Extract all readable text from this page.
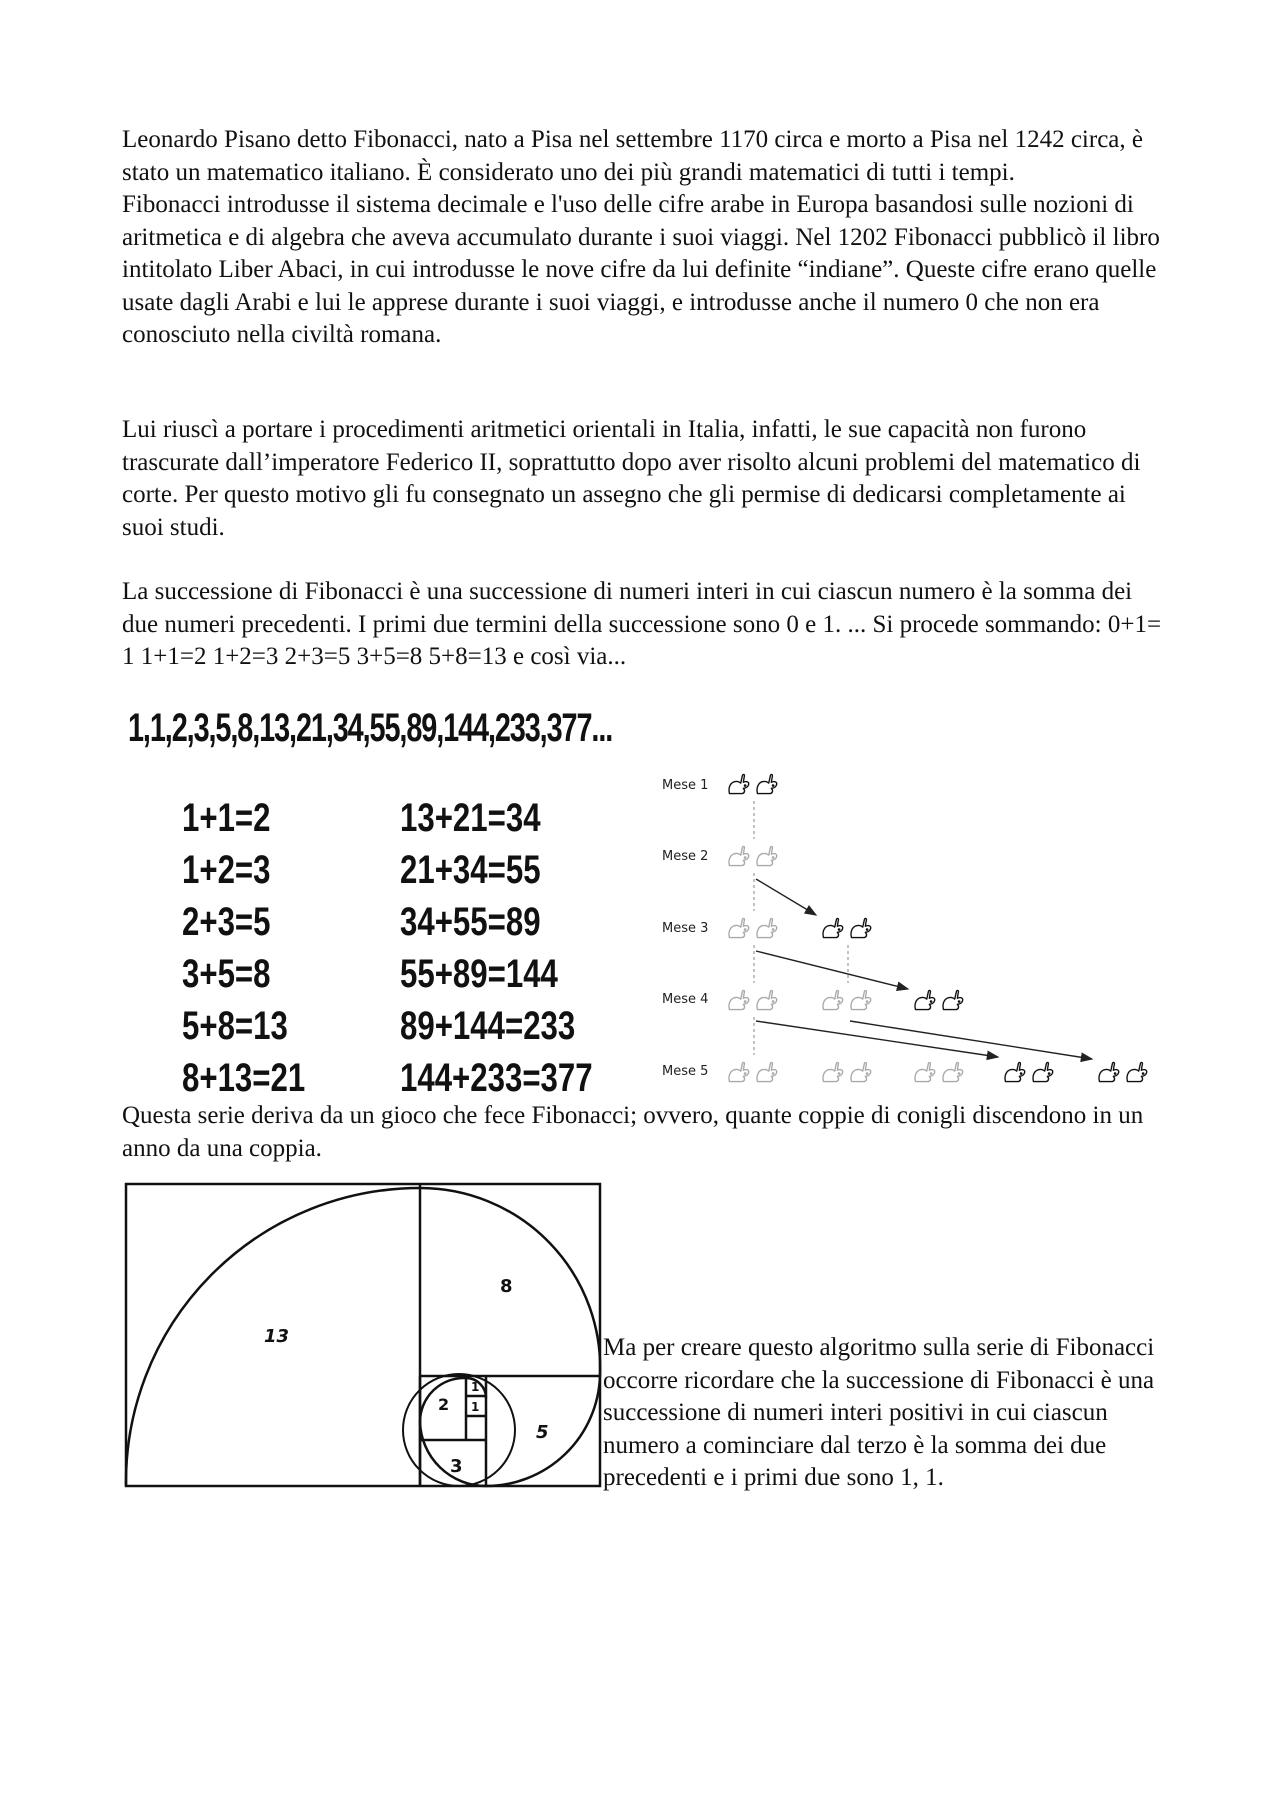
Leonardo Pisano detto Fibonacci, nato a Pisa nel settembre 1170 circa e morto a Pisa nel 1242 circa, è stato un matematico italiano. È considerato uno dei più grandi matematici di tutti i tempi.
Fibonacci introdusse il sistema decimale e l'uso delle cifre arabe in Europa basandosi sulle nozioni di aritmetica e di algebra che aveva accumulato durante i suoi viaggi. Nel 1202 Fibonacci pubblicò il libro intitolato Liber Abaci, in cui introdusse le nove cifre da lui definite “indiane”. Queste cifre erano quelle usate dagli Arabi e lui le apprese durante i suoi viaggi, e introdusse anche il numero 0 che non era conosciuto nella civiltà romana.

Lui riuscì a portare i procedimenti aritmetici orientali in Italia, infatti, le sue capacità non furono trascurate dall’imperatore Federico II, soprattutto dopo aver risolto alcuni problemi del matematico di corte. Per questo motivo gli fu consegnato un assegno che gli permise di dedicarsi completamente ai suoi studi.

La successione di Fibonacci è una successione di numeri interi in cui ciascun numero è la somma dei due numeri precedenti. I primi due termini della successione sono 0 e 1. ... Si procede sommando: 0+1= 1 1+1=2 1+2=3 2+3=5 3+5=8 5+8=13 e così via...

1,1,2,3,5,8,13,21,34,55,89,144,233,377...
1+1=2
1+2=3
2+3=5
3+5=8
5+8=13
8+13=21
13+21=34
21+34=55
34+55=89
55+89=144
89+144=233
144+233=377
Mese 1
Mese 2
Mese 3
Mese 4
Mese 5

Questa serie deriva da un gioco che fece Fibonacci; ovvero, quante coppie di conigli discendono in un anno da una coppia.

13
8
5
3
2
1
1

Ma per creare questo algoritmo sulla serie di Fibonacci occorre ricordare che la successione di Fibonacci è una successione di numeri interi positivi in cui ciascun numero a cominciare dal terzo è la somma dei due precedenti e i primi due sono 1, 1.
